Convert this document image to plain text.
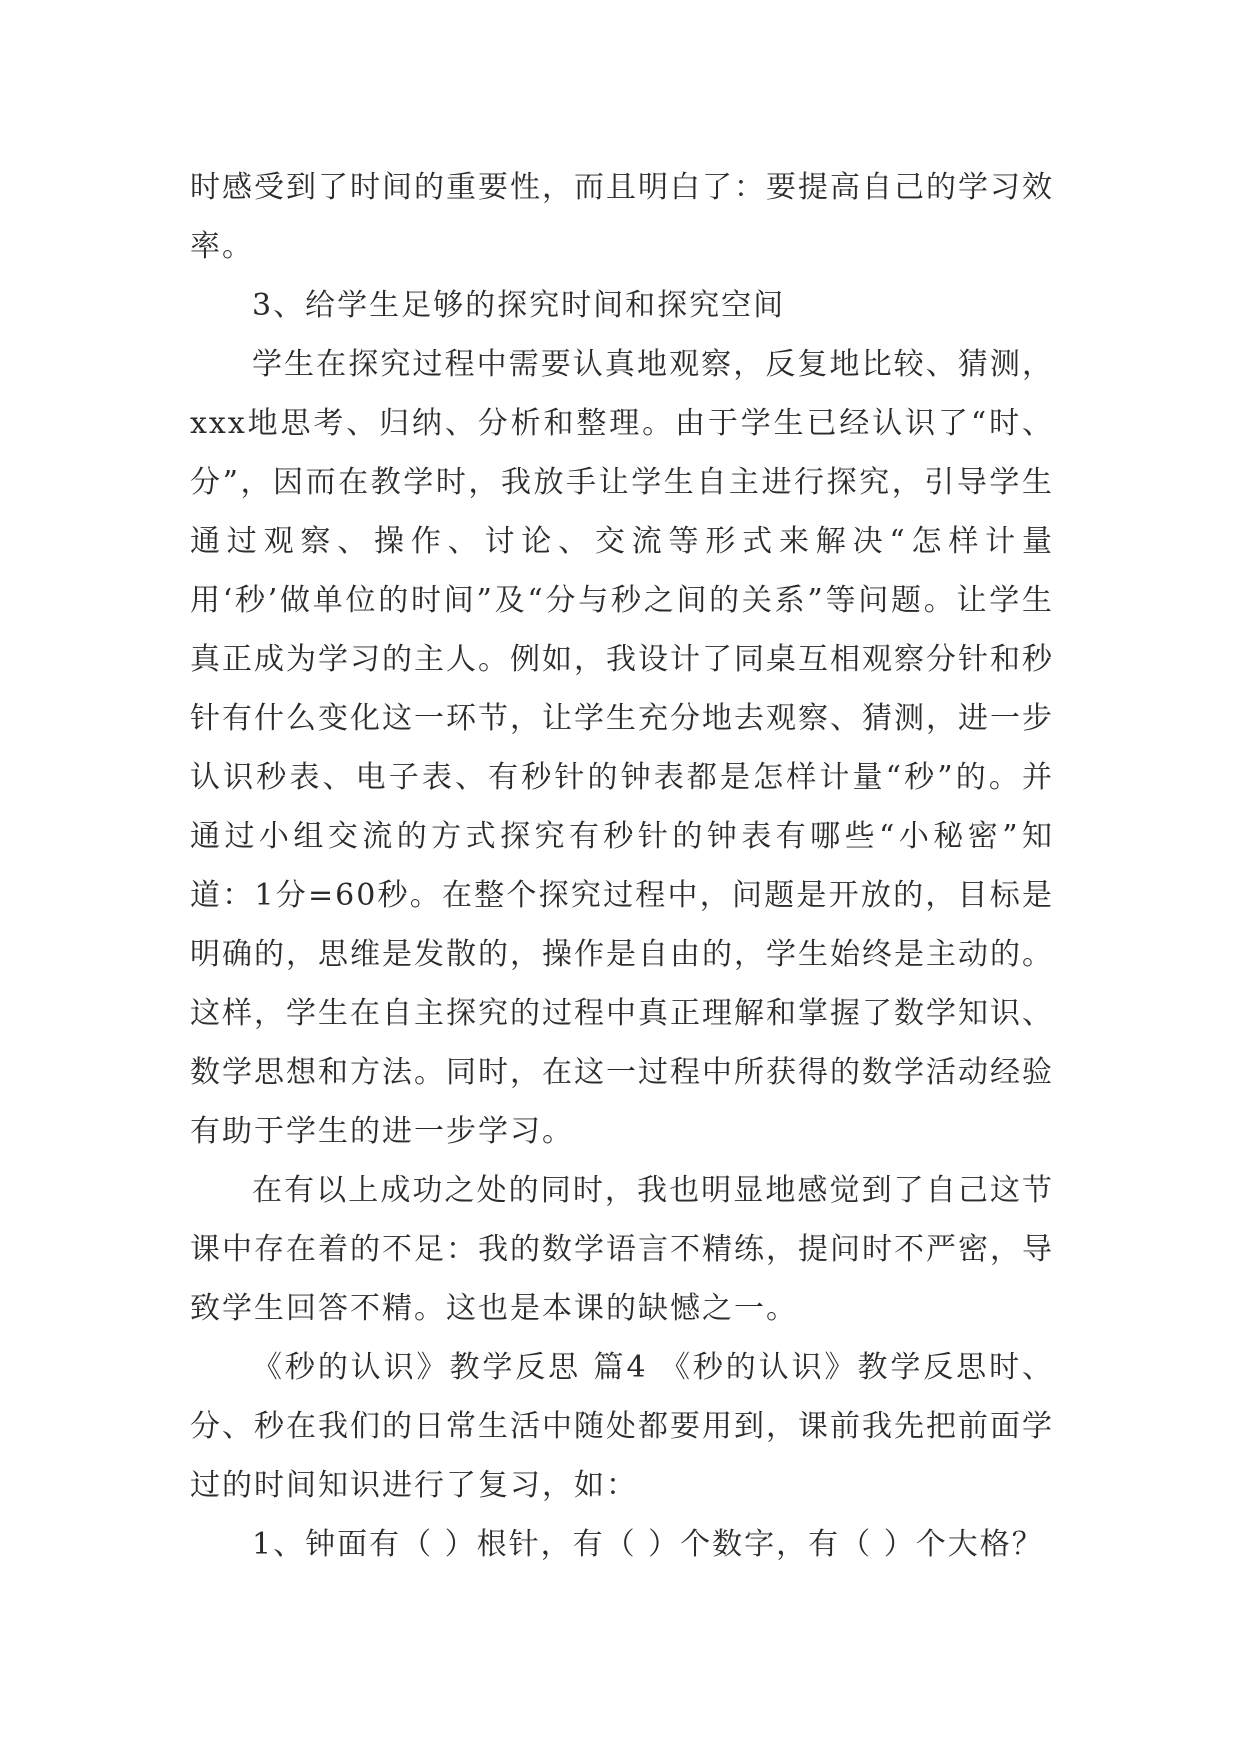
时感受到了时间的重要性，而且明白了：要提高自己的学习效率。

3、给学生足够的探究时间和探究空间

学生在探究过程中需要认真地观察，反复地比较、猜测，xxx地思考、归纳、分析和整理。由于学生已经认识了“时、分”，因而在教学时，我放手让学生自主进行探究，引导学生通过观察、操作、讨论、交流等形式来解决“怎样计量用‘秒’做单位的时间”及“分与秒之间的关系”等问题。让学生真正成为学习的主人。例如，我设计了同桌互相观察分针和秒针有什么变化这一环节，让学生充分地去观察、猜测，进一步认识秒表、电子表、有秒针的钟表都是怎样计量“秒”的。并通过小组交流的方式探究有秒针的钟表有哪些“小秘密”知道：1分=60秒。在整个探究过程中，问题是开放的，目标是明确的，思维是发散的，操作是自由的，学生始终是主动的。这样，学生在自主探究的过程中真正理解和掌握了数学知识、数学思想和方法。同时，在这一过程中所获得的数学活动经验有助于学生的进一步学习。

在有以上成功之处的同时，我也明显地感觉到了自己这节课中存在着的不足：我的数学语言不精练，提问时不严密，导致学生回答不精。这也是本课的缺憾之一。

《秒的认识》教学反思 篇4 《秒的认识》教学反思时、分、秒在我们的日常生活中随处都要用到，课前我先把前面学过的时间知识进行了复习，如：

1、钟面有（ ）根针，有（ ）个数字，有（ ）个大格？
